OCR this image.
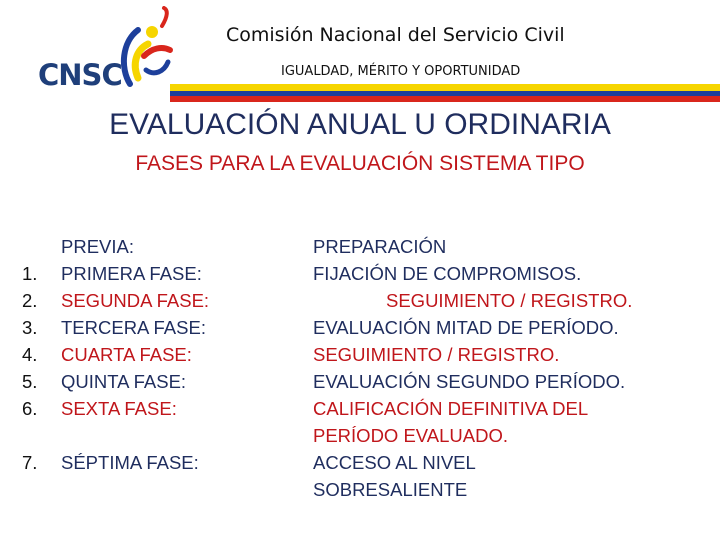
CNSC
Comisión Nacional del Servicio Civil
IGUALDAD, MÉRITO Y OPORTUNIDAD
EVALUACIÓN ANUAL U ORDINARIA
FASES PARA LA EVALUACIÓN SISTEMA TIPO
PREVIA:	PREPARACIÓN
1. PRIMERA FASE:	FIJACIÓN DE COMPROMISOS.
2. SEGUNDA FASE:	SEGUIMIENTO / REGISTRO.
3. TERCERA FASE:	EVALUACIÓN MITAD DE PERÍODO.
4. CUARTA FASE:	SEGUIMIENTO / REGISTRO.
5. QUINTA FASE:	EVALUACIÓN SEGUNDO PERÍODO.
6. SEXTA FASE:	CALIFICACIÓN DEFINITIVA DEL
PERÍODO EVALUADO.
7. SÉPTIMA FASE:	ACCESO AL NIVEL
SOBRESALIENTE
